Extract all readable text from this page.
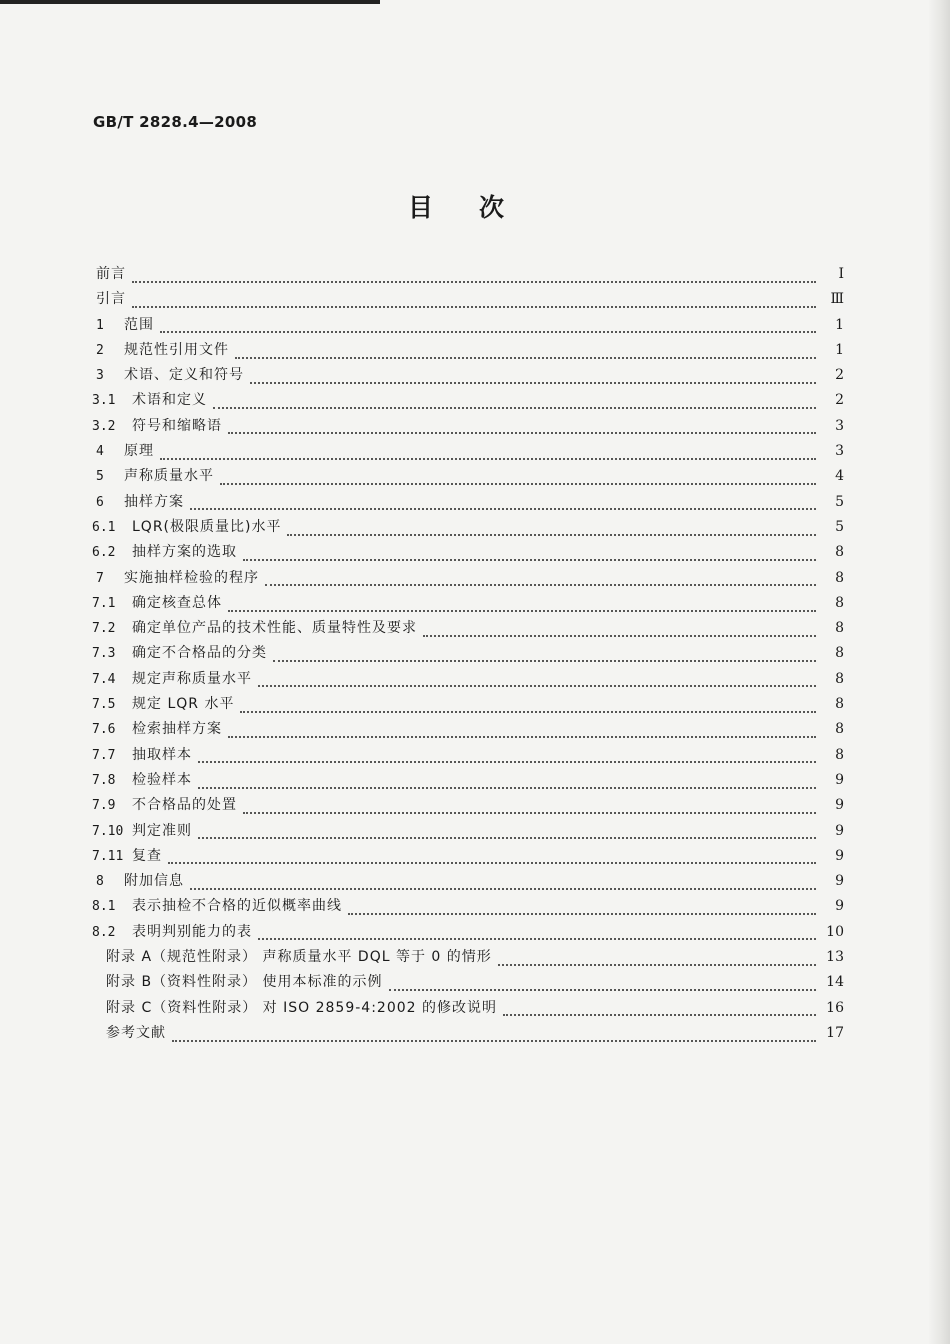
GB/T 2828.4—2008
目次
前言	Ⅰ
引言	Ⅲ
1	范围	1
2	规范性引用文件	1
3	术语、定义和符号	2
3.1	术语和定义	2
3.2	符号和缩略语	3
4	原理	3
5	声称质量水平	4
6	抽样方案	5
6.1	LQR(极限质量比)水平	5
6.2	抽样方案的选取	8
7	实施抽样检验的程序	8
7.1	确定核查总体	8
7.2	确定单位产品的技术性能、质量特性及要求	8
7.3	确定不合格品的分类	8
7.4	规定声称质量水平	8
7.5	规定 LQR 水平	8
7.6	检索抽样方案	8
7.7	抽取样本	8
7.8	检验样本	9
7.9	不合格品的处置	9
7.10 判定准则	9
7.11 复查	9
8	附加信息	9
8.1	表示抽检不合格的近似概率曲线	9
8.2	表明判别能力的表	10
附录 A（规范性附录） 声称质量水平 DQL 等于 0 的情形	13
附录 B（资料性附录） 使用本标准的示例	14
附录 C（资料性附录） 对 ISO 2859-4:2002 的修改说明	16
参考文献	17
